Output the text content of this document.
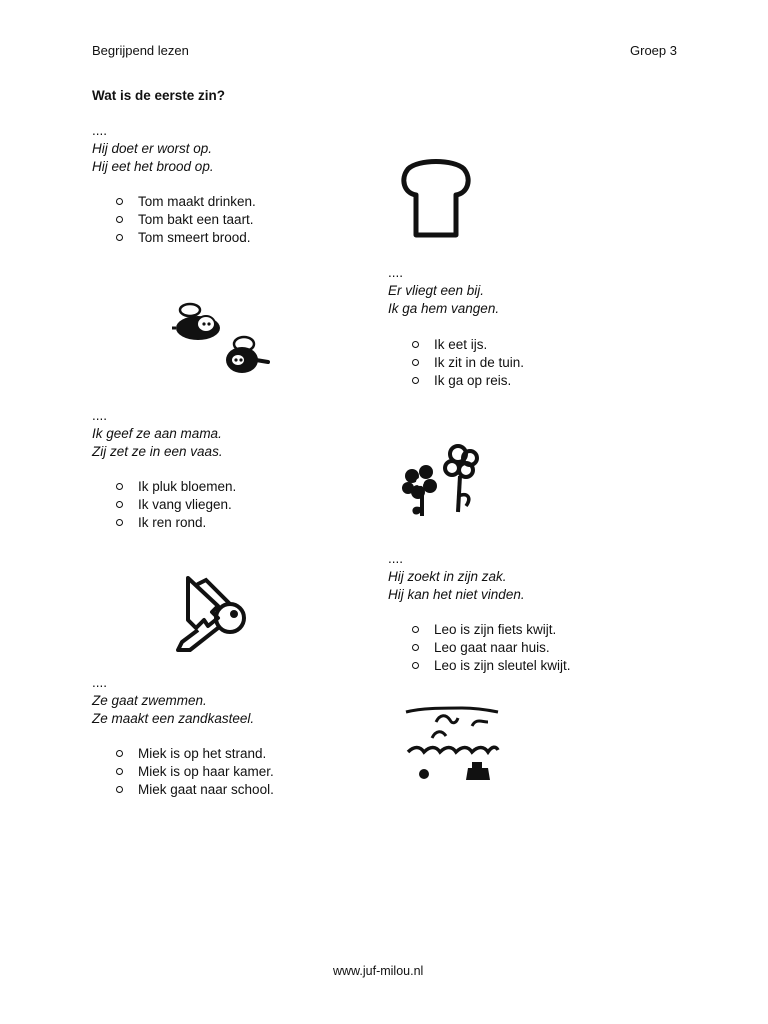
Begrijpend lezen	Groep 3
Wat is de eerste zin?
....
Hij doet er worst op.
Hij eet het brood op.
Tom maakt drinken.
Tom bakt een taart.
Tom smeert brood.
....
Er vliegt een bij.
Ik ga hem vangen.
Ik eet ijs.
Ik zit in de tuin.
Ik ga op reis.
....
Ik geef ze aan mama.
Zij zet ze in een vaas.
Ik pluk bloemen.
Ik vang vliegen.
Ik ren rond.
....
Hij zoekt in zijn zak.
Hij kan het niet vinden.
Leo is zijn fiets kwijt.
Leo gaat naar huis.
Leo is zijn sleutel kwijt.
....
Ze gaat zwemmen.
Ze maakt een zandkasteel.
Miek is op het strand.
Miek is op haar kamer.
Miek gaat naar school.
www.juf-milou.nl
